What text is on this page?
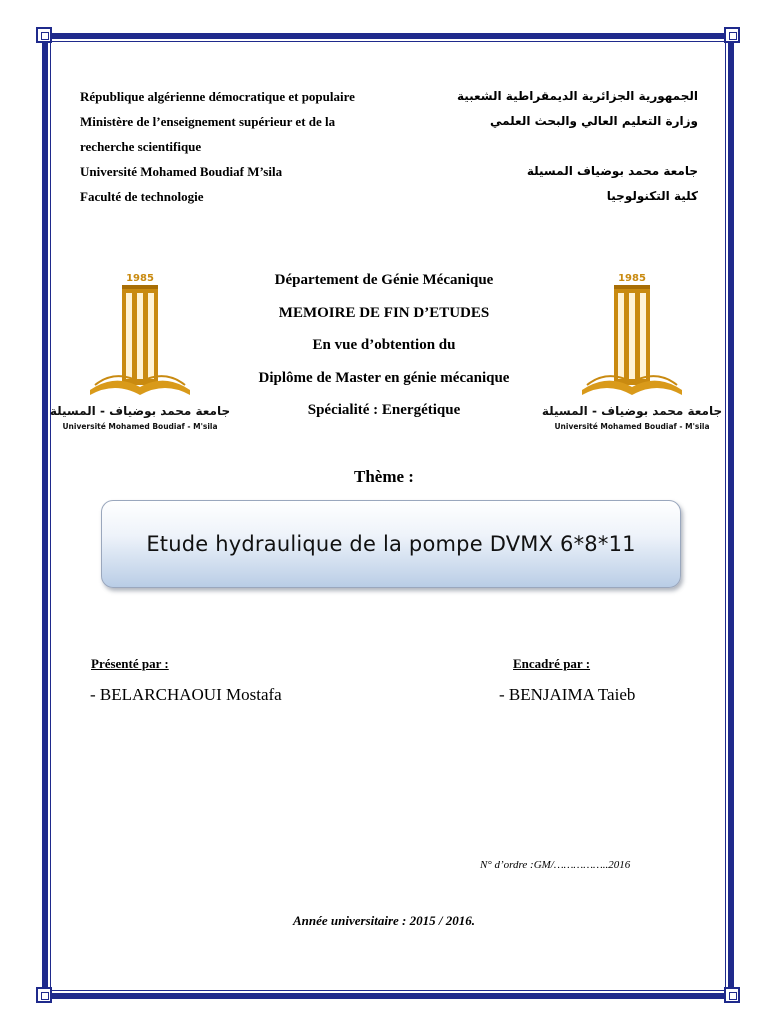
République algérienne démocratique et populaire
Ministère de l’enseignement supérieur et de la
recherche scientifique
Université Mohamed Boudiaf M’sila
Faculté de technologie
الجمهورية الجزائرية الديمقراطية الشعبية
وزارة التعليم العالي والبحث العلمي
جامعة محمد بوضياف المسيلة
كلية التكنولوجيا
1985
جامعة محمد بوضياف - المسيلة
Université Mohamed Boudiaf - M'sila
1985
جامعة محمد بوضياف - المسيلة
Université Mohamed Boudiaf - M'sila
Département de Génie Mécanique
MEMOIRE DE FIN D’ETUDES
En vue d’obtention du
Diplôme de Master en génie mécanique
Spécialité : Energétique
Thème :
Etude hydraulique de la pompe DVMX 6*8*11
Présenté par :
- BELARCHAOUI Mostafa
Encadré par :
- BENJAIMA Taieb
N° d’ordre :GM/……………..2016
Année universitaire : 2015 / 2016.
